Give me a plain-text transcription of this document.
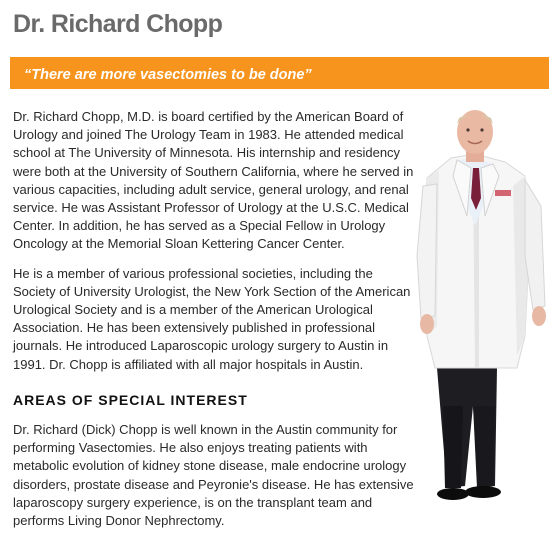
Dr. Richard Chopp
“There are more vasectomies to be done”

Dr. Richard Chopp, M.D. is board certified by the American Board of Urology and joined The Urology Team in 1983. He attended medical school at The University of Minnesota. His internship and residency were both at the University of Southern California, where he served in various capacities, including adult service, general urology, and renal service. He was Assistant Professor of Urology at the U.S.C. Medical Center. In addition, he has served as a Special Fellow in Urology Oncology at the Memorial Sloan Kettering Cancer Center.

He is a member of various professional societies, including the Society of University Urologist, the New York Section of the American Urological Society and is a member of the American Urological Association. He has been extensively published in professional journals. He introduced Laparoscopic urology surgery to Austin in 1991. Dr. Chopp is affiliated with all major hospitals in Austin.

AREAS OF SPECIAL INTEREST
Dr. Richard (Dick) Chopp is well known in the Austin community for performing Vasectomies. He also enjoys treating patients with metabolic evolution of kidney stone disease, male endocrine urology disorders, prostate disease and Peyronie's disease. He has extensive laparoscopy surgery experience, is on the transplant team and performs Living Donor Nephrectomy.
